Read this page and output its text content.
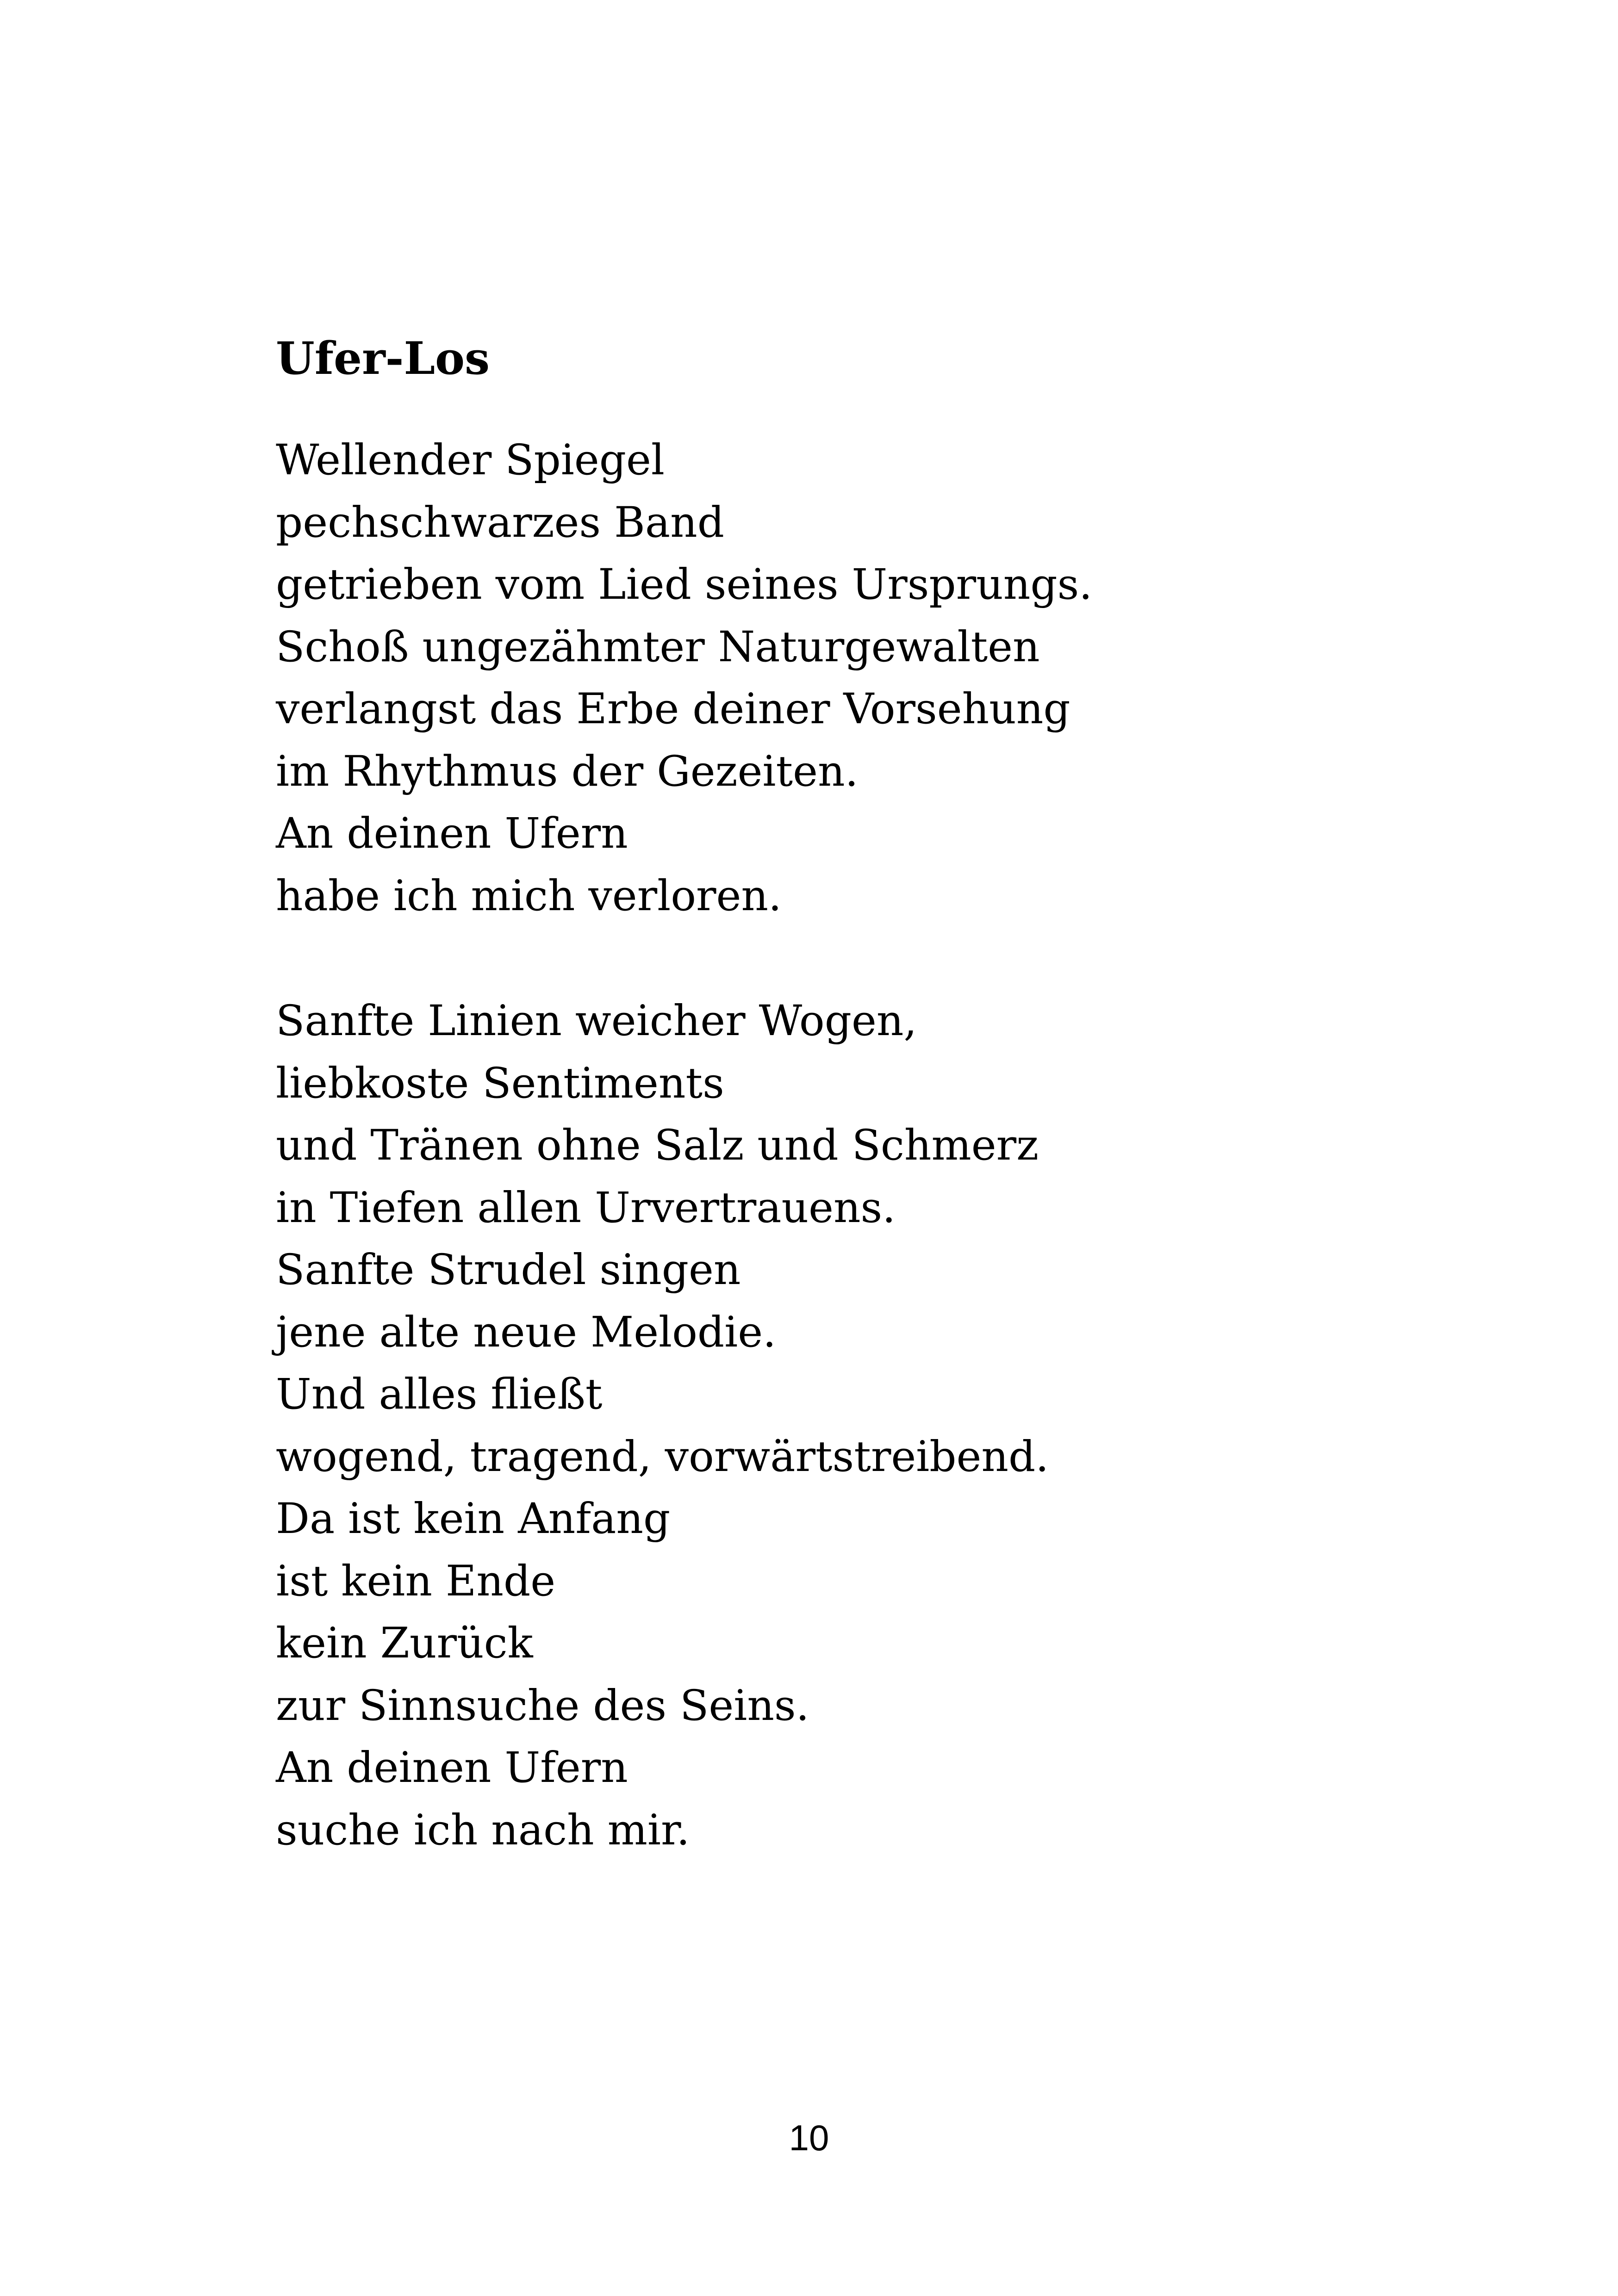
Ufer-Los
Wellender Spiegel
pechschwarzes Band
getrieben vom Lied seines Ursprungs.
Schoß ungezähmter Naturgewalten
verlangst das Erbe deiner Vorsehung
im Rhythmus der Gezeiten.
An deinen Ufern
habe ich mich verloren.
Sanfte Linien weicher Wogen,
liebkoste Sentiments
und Tränen ohne Salz und Schmerz
in Tiefen allen Urvertrauens.
Sanfte Strudel singen
jene alte neue Melodie.
Und alles fließt
wogend, tragend, vorwärtstreibend.
Da ist kein Anfang
ist kein Ende
kein Zurück
zur Sinnsuche des Seins.
An deinen Ufern
suche ich nach mir.
10
